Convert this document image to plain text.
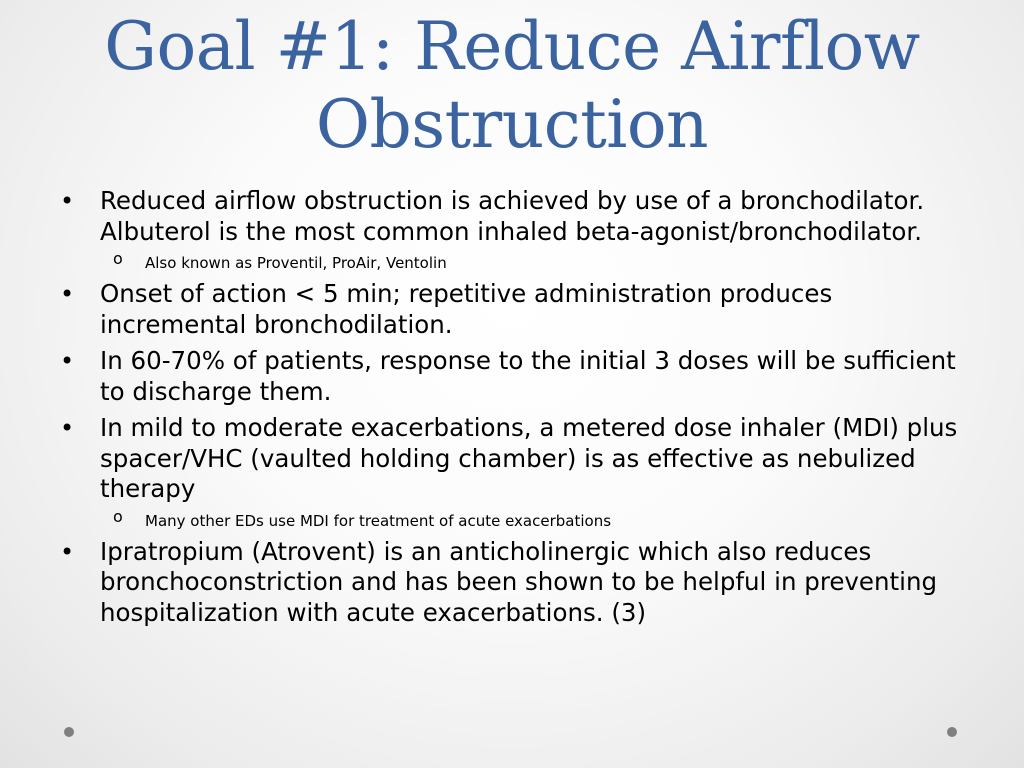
Goal #1: Reduce Airflow
Obstruction
• Reduced airflow obstruction is achieved by use of a bronchodilator. Albuterol is the most common inhaled beta-agonist/bronchodilator.
o Also known as Proventil, ProAir, Ventolin
• Onset of action < 5 min; repetitive administration produces incremental bronchodilation.
• In 60-70% of patients, response to the initial 3 doses will be sufficient to discharge them.
• In mild to moderate exacerbations, a metered dose inhaler (MDI) plus spacer/VHC (vaulted holding chamber) is as effective as nebulized therapy
o Many other EDs use MDI for treatment of acute exacerbations
• Ipratropium (Atrovent) is an anticholinergic which also reduces bronchoconstriction and has been shown to be helpful in preventing hospitalization with acute exacerbations. (3)
